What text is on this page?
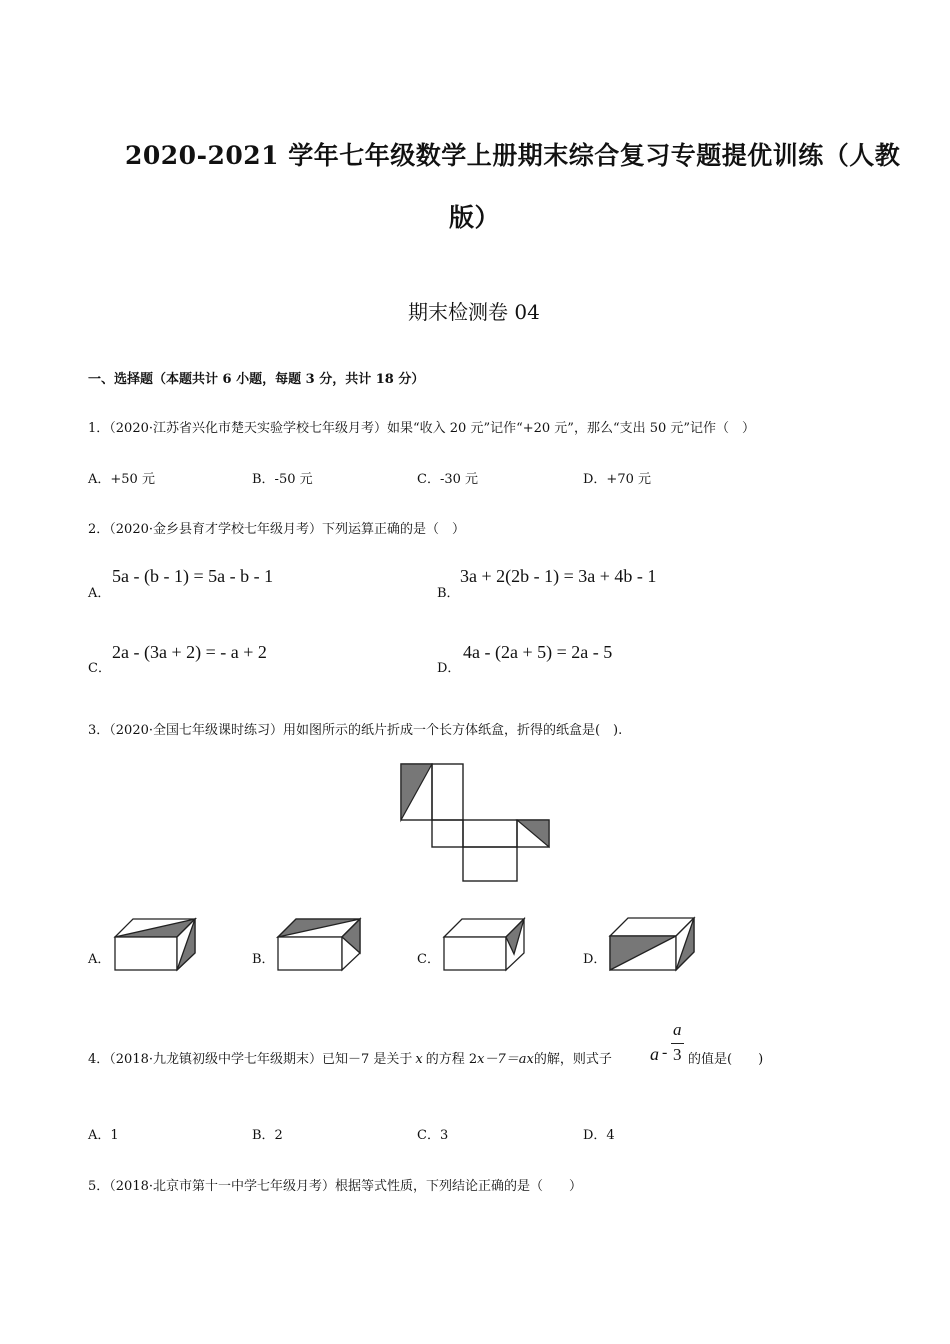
2020-2021 学年七年级数学上册期末综合复习专题提优训练（人教
版）
期末检测卷 04
一、选择题（本题共计 6 小题，每题 3 分，共计 18 分）
1．（2020·江苏省兴化市楚天实验学校七年级月考）如果“收入 20 元”记作“+20 元”，那么“支出 50 元”记作（　）
A．+50 元	B．-50 元	C．-30 元	D．+70 元
2．（2020·金乡县育才学校七年级月考）下列运算正确的是（　）
A．
5a - (b - 1) = 5a - b - 1
B．
3a + 2(2b - 1) = 3a + 4b - 1
C．
2a - (3a + 2) = - a + 2
D．
4a - (2a + 5) = 2a - 5
3．（2020·全国七年级课时练习）用如图所示的纸片折成一个长方体纸盒，折得的纸盒是(　).
A．	B．	C．	D．
4．（2018·九龙镇初级中学七年级期末）已知－7 是关于 x 的方程 2x－7＝ax的解，则式子 a -
a
3 的值是(　　)
A．1	B．2	C．3	D．4
5．（2018·北京市第十一中学七年级月考）根据等式性质，下列结论正确的是（　　）
